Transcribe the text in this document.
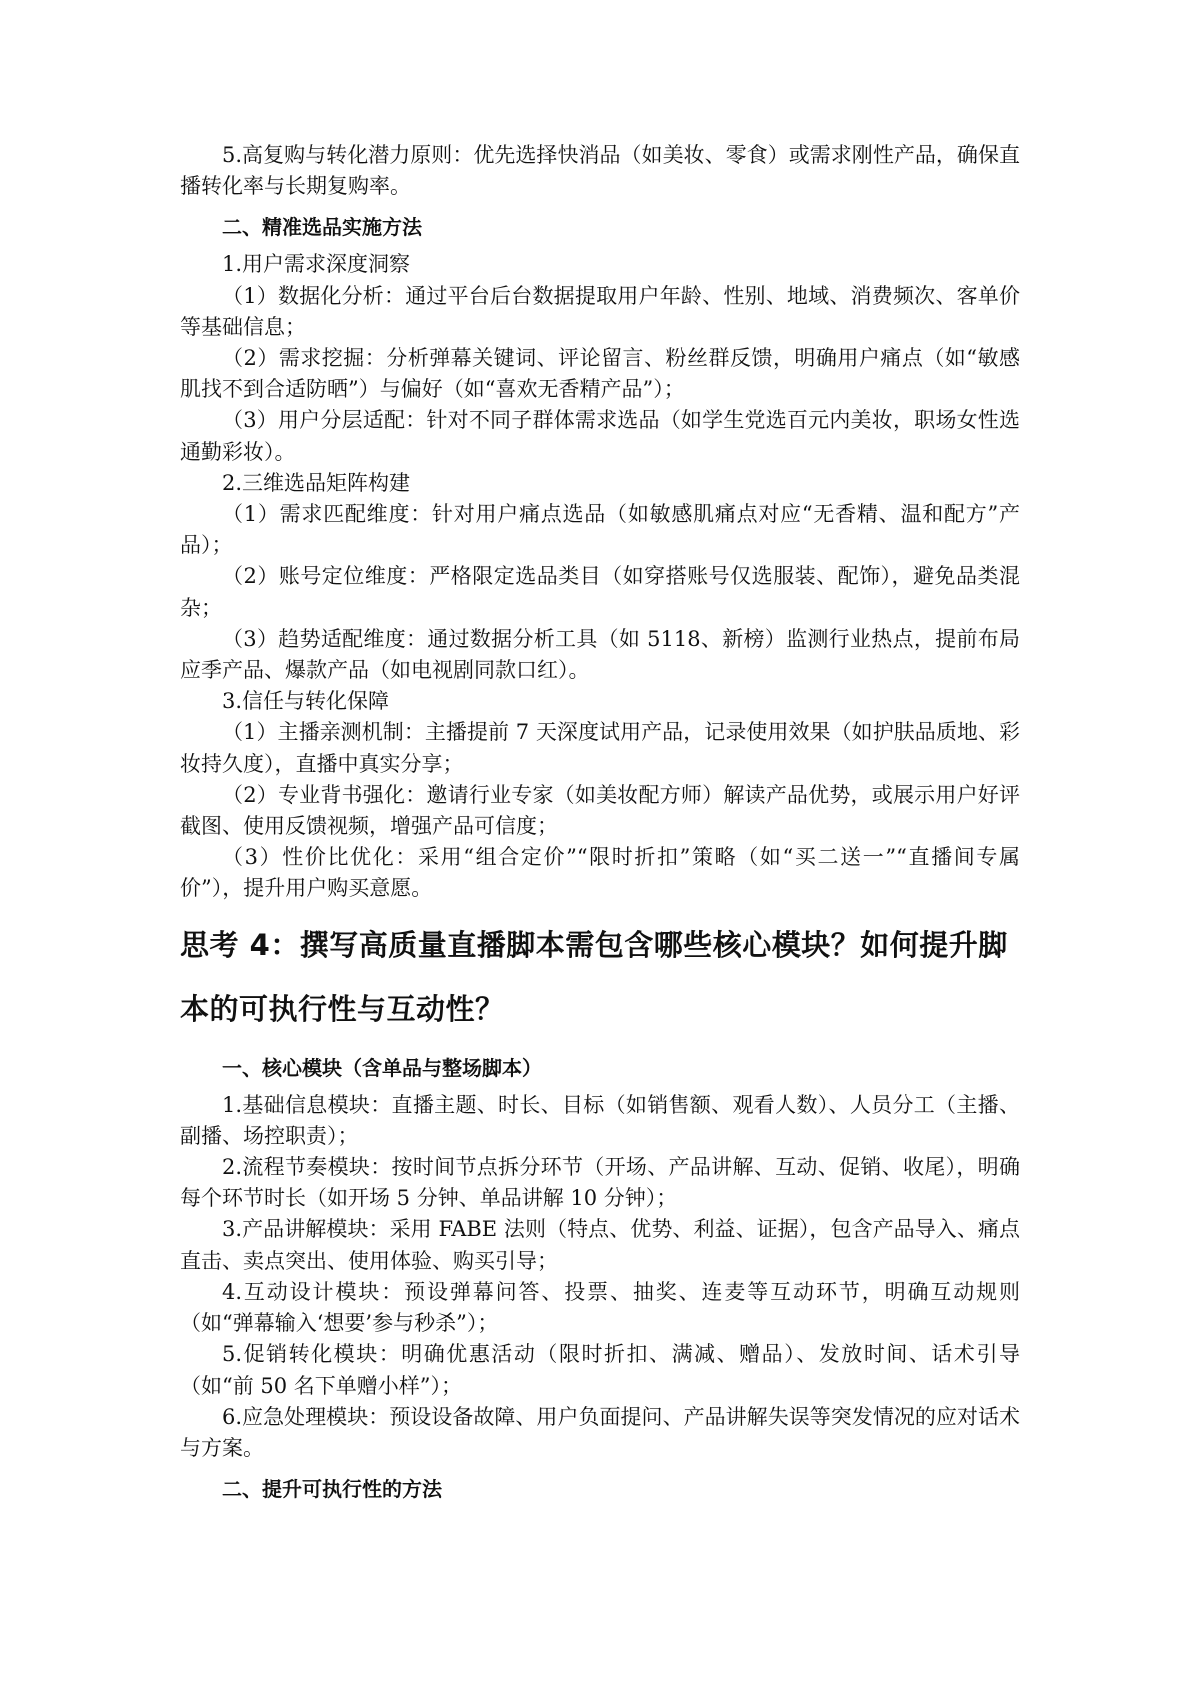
5.高复购与转化潜力原则：优先选择快消品（如美妆、零食）或需求刚性产品，确保直播转化率与长期复购率。

二、精准选品实施方法

1.用户需求深度洞察

（1）数据化分析：通过平台后台数据提取用户年龄、性别、地域、消费频次、客单价等基础信息；

（2）需求挖掘：分析弹幕关键词、评论留言、粉丝群反馈，明确用户痛点（如“敏感肌找不到合适防晒”）与偏好（如“喜欢无香精产品”）；

（3）用户分层适配：针对不同子群体需求选品（如学生党选百元内美妆，职场女性选通勤彩妆）。

2.三维选品矩阵构建

（1）需求匹配维度：针对用户痛点选品（如敏感肌痛点对应“无香精、温和配方”产品）；

（2）账号定位维度：严格限定选品类目（如穿搭账号仅选服装、配饰），避免品类混杂；

（3）趋势适配维度：通过数据分析工具（如 5118、新榜）监测行业热点，提前布局应季产品、爆款产品（如电视剧同款口红）。

3.信任与转化保障

（1）主播亲测机制：主播提前 7 天深度试用产品，记录使用效果（如护肤品质地、彩妆持久度），直播中真实分享；

（2）专业背书强化：邀请行业专家（如美妆配方师）解读产品优势，或展示用户好评截图、使用反馈视频，增强产品可信度；

（3）性价比优化：采用“组合定价”“限时折扣”策略（如“买二送一”“直播间专属价”），提升用户购买意愿。

思考 4：撰写高质量直播脚本需包含哪些核心模块？如何提升脚本的可执行性与互动性？
一、核心模块（含单品与整场脚本）

1.基础信息模块：直播主题、时长、目标（如销售额、观看人数）、人员分工（主播、副播、场控职责）；

2.流程节奏模块：按时间节点拆分环节（开场、产品讲解、互动、促销、收尾），明确每个环节时长（如开场 5 分钟、单品讲解 10 分钟）；

3.产品讲解模块：采用 FABE 法则（特点、优势、利益、证据），包含产品导入、痛点直击、卖点突出、使用体验、购买引导；

4.互动设计模块：预设弹幕问答、投票、抽奖、连麦等互动环节，明确互动规则（如“弹幕输入‘想要’参与秒杀”）；

5.促销转化模块：明确优惠活动（限时折扣、满减、赠品）、发放时间、话术引导（如“前 50 名下单赠小样”）；

6.应急处理模块：预设设备故障、用户负面提问、产品讲解失误等突发情况的应对话术与方案。

二、提升可执行性的方法
